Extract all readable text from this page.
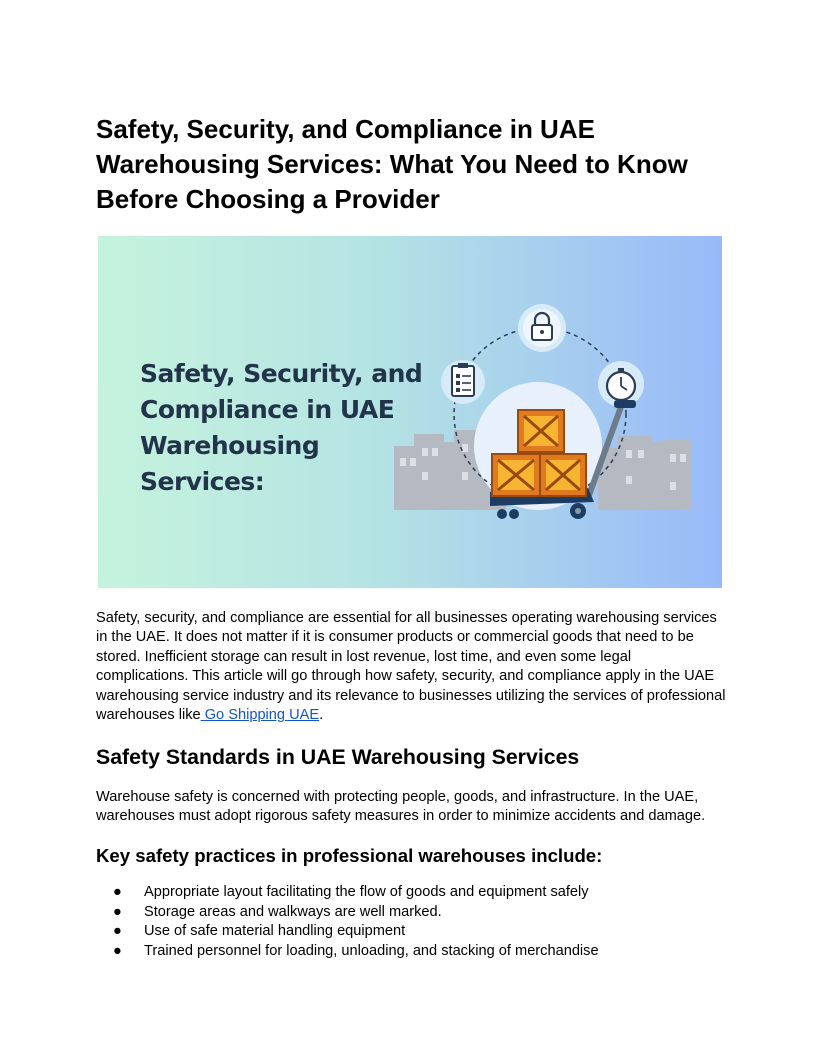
Safety, Security, and Compliance in UAE Warehousing Services: What You Need to Know Before Choosing a Provider
Safety, Security, and
Compliance in UAE
Warehousing
Services:

Safety, security, and compliance are essential for all businesses operating warehousing services in the UAE. It does not matter if it is consumer products or commercial goods that need to be stored. Inefficient storage can result in lost revenue, lost time, and even some legal complications. This article will go through how safety, security, and compliance apply in the UAE warehousing service industry and its relevance to businesses utilizing the services of professional warehouses like Go Shipping UAE.

Safety Standards in UAE Warehousing Services

Warehouse safety is concerned with protecting people, goods, and infrastructure. In the UAE, warehouses must adopt rigorous safety measures in order to minimize accidents and damage.

Key safety practices in professional warehouses include:
● Appropriate layout facilitating the flow of goods and equipment safely
● Storage areas and walkways are well marked.
● Use of safe material handling equipment
● Trained personnel for loading, unloading, and stacking of merchandise
